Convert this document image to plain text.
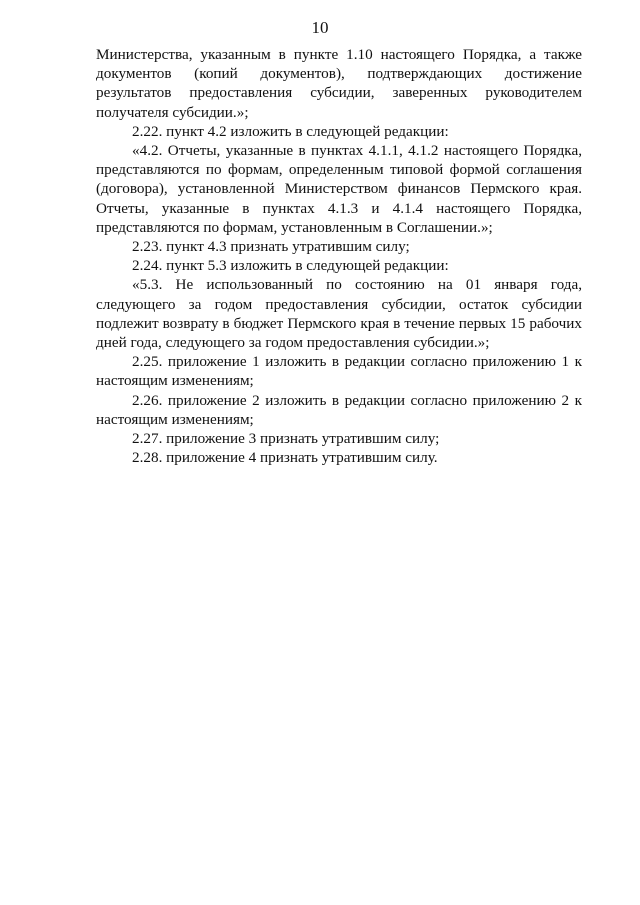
10

Министерства, указанным в пункте 1.10 настоящего Порядка, а также документов (копий документов), подтверждающих достижение результатов предоставления субсидии, заверенных руководителем получателя субсидии.»;

2.22. пункт 4.2 изложить в следующей редакции:

«4.2. Отчеты, указанные в пунктах 4.1.1, 4.1.2 настоящего Порядка, представляются по формам, определенным типовой формой соглашения (договора), установленной Министерством финансов Пермского края. Отчеты, указанные в пунктах 4.1.3 и 4.1.4 настоящего Порядка, представляются по формам, установленным в Соглашении.»;

2.23. пункт 4.3 признать утратившим силу;

2.24. пункт 5.3 изложить в следующей редакции:

«5.3. Не использованный по состоянию на 01 января года, следующего за годом предоставления субсидии, остаток субсидии подлежит возврату в бюджет Пермского края в течение первых 15 рабочих дней года, следующего за годом предоставления субсидии.»;

2.25. приложение 1 изложить в редакции согласно приложению 1 к настоящим изменениям;

2.26. приложение 2 изложить в редакции согласно приложению 2 к настоящим изменениям;

2.27. приложение 3 признать утратившим силу;

2.28. приложение 4 признать утратившим силу.
